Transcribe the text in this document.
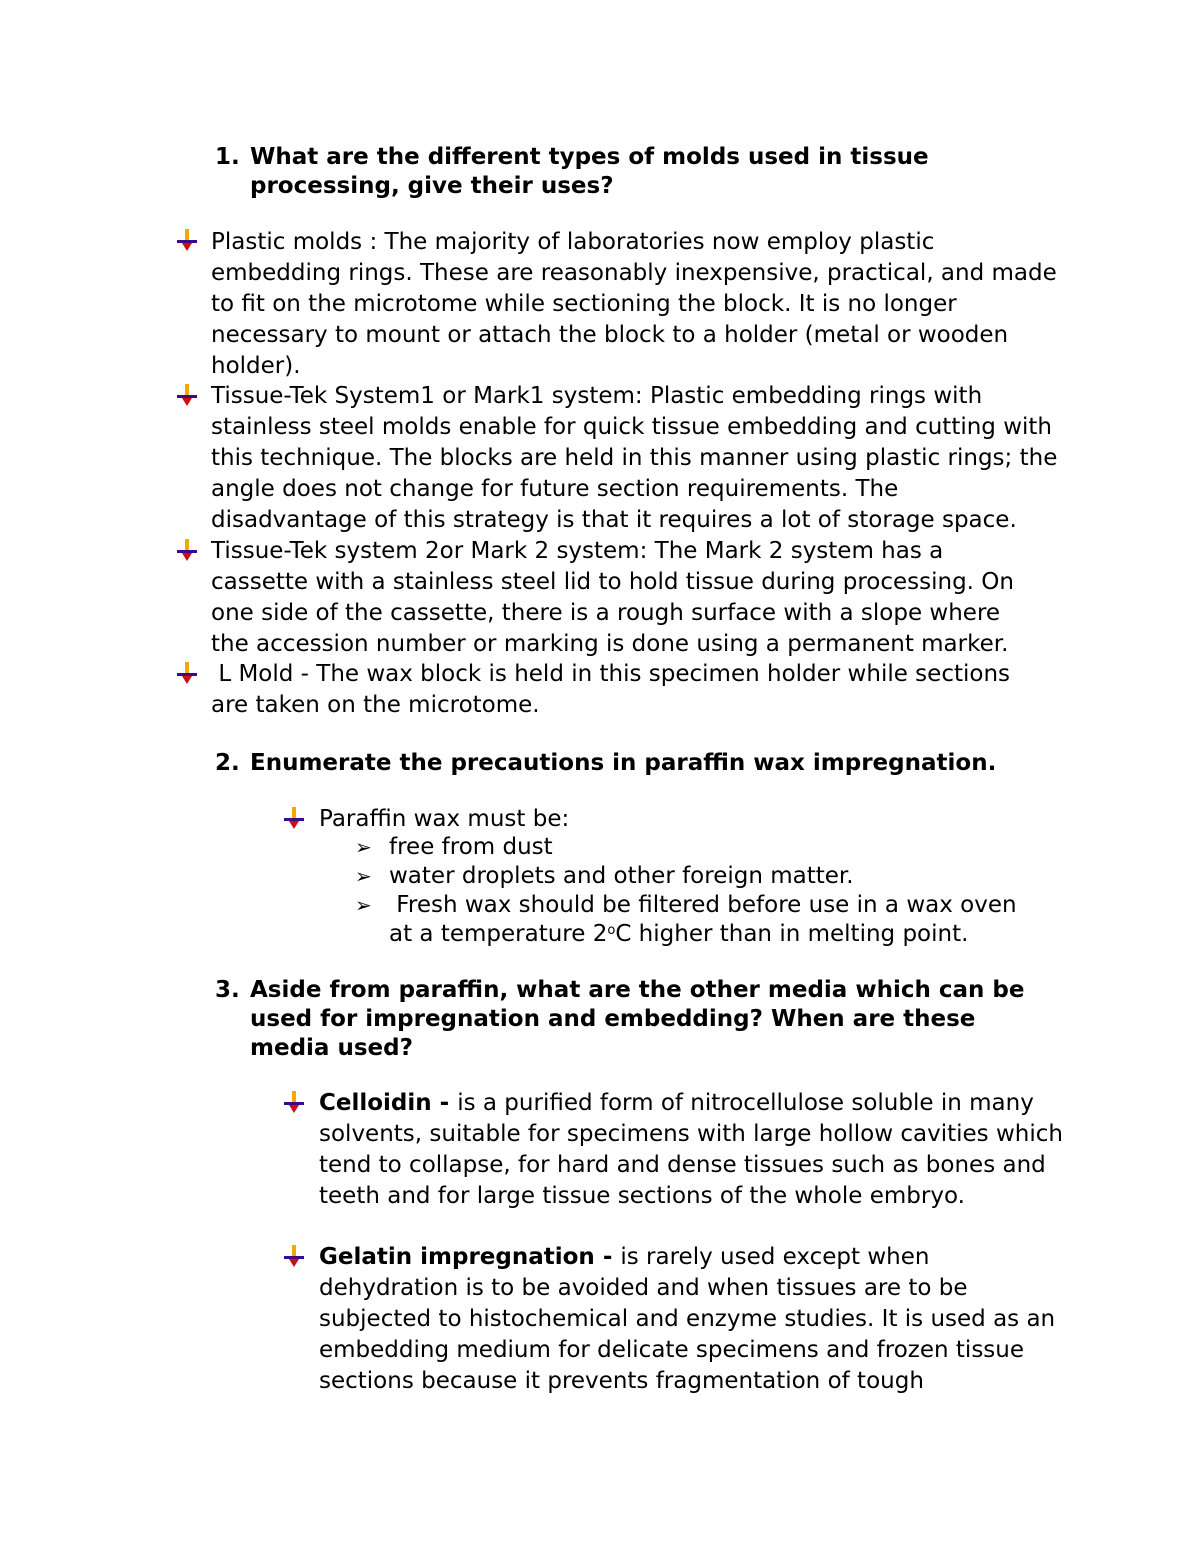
1. What are the different types of molds used in tissue processing, give their uses?
Plastic molds : The majority of laboratories now employ plastic embedding rings. These are reasonably inexpensive, practical, and made to fit on the microtome while sectioning the block. It is no longer necessary to mount or attach the block to a holder (metal or wooden holder).
Tissue-Tek System1 or Mark1 system: Plastic embedding rings with stainless steel molds enable for quick tissue embedding and cutting with this technique. The blocks are held in this manner using plastic rings; the angle does not change for future section requirements. The disadvantage of this strategy is that it requires a lot of storage space.
Tissue-Tek system 2or Mark 2 system: The Mark 2 system has a cassette with a stainless steel lid to hold tissue during processing. On one side of the cassette, there is a rough surface with a slope where the accession number or marking is done using a permanent marker.
L Mold - The wax block is held in this specimen holder while sections are taken on the microtome.
2. Enumerate the precautions in paraffin wax impregnation.
Paraffin wax must be:
➢ free from dust
➢ water droplets and other foreign matter.
➢ Fresh wax should be filtered before use in a wax oven
at a temperature 2$^o$C higher than in melting point.
3. Aside from paraffin, what are the other media which can be used for impregnation and embedding? When are these media used?
Celloidin - is a purified form of nitrocellulose soluble in many solvents, suitable for specimens with large hollow cavities which tend to collapse, for hard and dense tissues such as bones and teeth and for large tissue sections of the whole embryo.
Gelatin impregnation - is rarely used except when dehydration is to be avoided and when tissues are to be subjected to histochemical and enzyme studies. It is used as an embedding medium for delicate specimens and frozen tissue sections because it prevents fragmentation of tough
